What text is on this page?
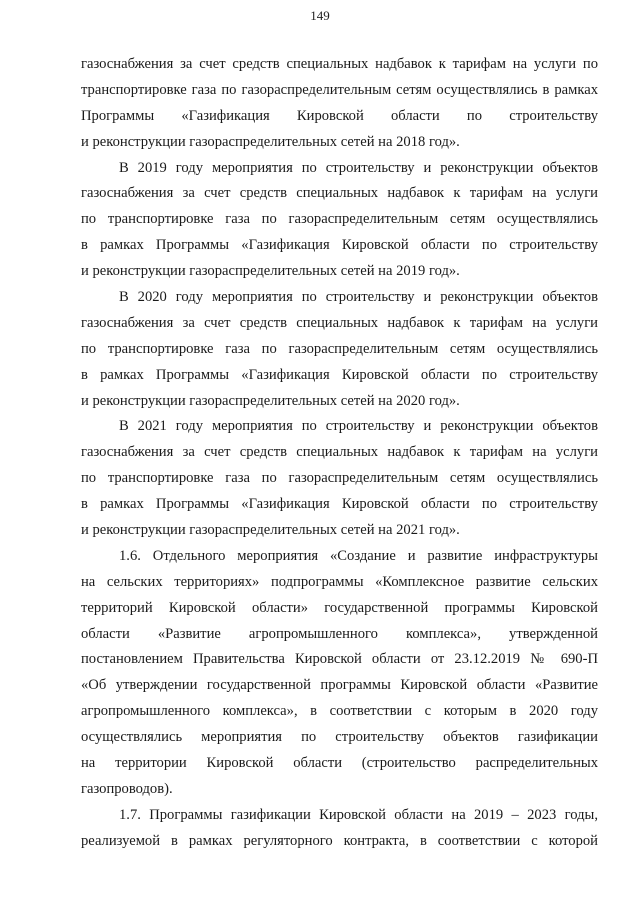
149
газоснабжения за счет средств специальных надбавок к тарифам на услуги по
транспортировке газа по газораспределительным сетям осуществлялись в рамках
Программы «Газификация Кировской области по строительству
и реконструкции газораспределительных сетей на 2018 год».
В 2019 году мероприятия по строительству и реконструкции объектов
газоснабжения за счет средств специальных надбавок к тарифам на услуги
по транспортировке газа по газораспределительным сетям осуществлялись
в рамках Программы «Газификация Кировской области по строительству
и реконструкции газораспределительных сетей на 2019 год».
В 2020 году мероприятия по строительству и реконструкции объектов
газоснабжения за счет средств специальных надбавок к тарифам на услуги
по транспортировке газа по газораспределительным сетям осуществлялись
в рамках Программы «Газификация Кировской области по строительству
и реконструкции газораспределительных сетей на 2020 год».
В 2021 году мероприятия по строительству и реконструкции объектов
газоснабжения за счет средств специальных надбавок к тарифам на услуги
по транспортировке газа по газораспределительным сетям осуществлялись
в рамках Программы «Газификация Кировской области по строительству
и реконструкции газораспределительных сетей на 2021 год».
1.6. Отдельного мероприятия «Создание и развитие инфраструктуры
на сельских территориях» подпрограммы «Комплексное развитие сельских
территорий Кировской области» государственной программы Кировской
области «Развитие агропромышленного комплекса», утвержденной
постановлением Правительства Кировской области от 23.12.2019 № 690-П
«Об утверждении государственной программы Кировской области «Развитие
агропромышленного комплекса», в соответствии с которым в 2020 году
осуществлялись мероприятия по строительству объектов газификации
на территории Кировской области (строительство распределительных
газопроводов).
1.7. Программы газификации Кировской области на 2019 – 2023 годы,
реализуемой в рамках регуляторного контракта, в соответствии с которой
